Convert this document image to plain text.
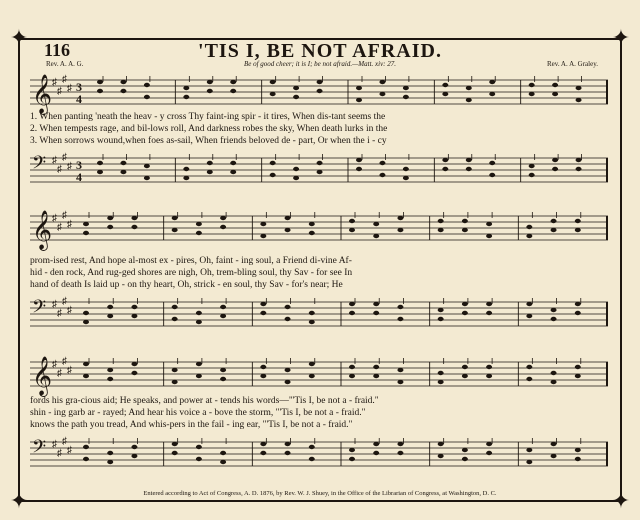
✦	✦
✦	✦
116	'TIS I, BE NOT AFRAID.
Rev. A. A. G.	Be of good cheer; it is I; be not afraid.—Matt. xiv: 27.	Rev. A. A. Graley.
𝄞 ♯
♯
♯
♯ 3
4
1. When panting 'neath the heav - y cross Thy faint-ing spir - it tires, When dis-tant seems the
2. When tempests rage, and bil-lows roll, And darkness robes the sky, When death lurks in the
3. When sorrows wound,when foes as-sail, When friends beloved de - part, Or when the i - cy
𝄢 ♯
♯
♯
♯ 3
4
𝄞 ♯
♯
♯
♯
prom-ised rest, And hope al-most ex - pires, Oh, faint - ing soul, a Friend di-vine Af-
hid - den rock, And rug-ged shores are nigh, Oh, trem-bling soul, thy Sav - for see In
hand of death Is laid up - on thy heart, Oh, strick - en soul, thy Sav - for's near; He
𝄢 ♯
♯
♯
♯
𝄞 ♯
♯
♯
♯
fords his gra-cious aid; He speaks, and power at - tends his words—"'Tis I, be not a - fraid."
shin - ing garb ar - rayed; And hear his voice a - bove the storm, "'Tis I, be not a - fraid."
knows the path you tread, And whis-pers in the fail - ing ear, "'Tis I, be not a - fraid."
𝄢 ♯
♯
♯
♯
Entered according to Act of Congress, A. D. 1876, by Rev. W. J. Shuey, in the Office of the Librarian of Congress, at Washington, D. C.
